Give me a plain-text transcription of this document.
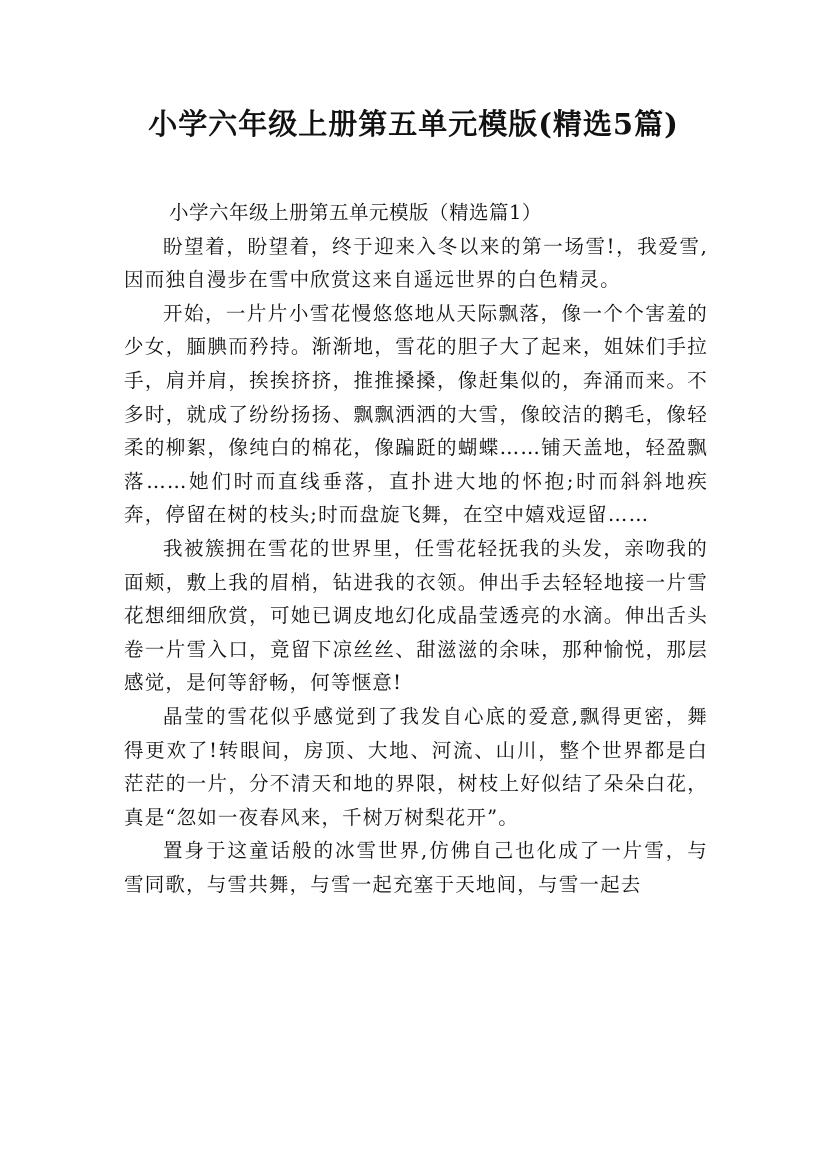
小学六年级上册第五单元模版(精选5篇)

小学六年级上册第五单元模版（精选篇1）

盼望着，盼望着，终于迎来入冬以来的第一场雪!，我爱雪,因而独自漫步在雪中欣赏这来自遥远世界的白色精灵。

开始，一片片小雪花慢悠悠地从天际飘落，像一个个害羞的少女，腼腆而矜持。渐渐地，雪花的胆子大了起来，姐妹们手拉手，肩并肩，挨挨挤挤，推推搡搡，像赶集似的，奔涌而来。不多时，就成了纷纷扬扬、飘飘洒洒的大雪，像皎洁的鹅毛，像轻柔的柳絮，像纯白的棉花，像蹁跹的蝴蝶……铺天盖地，轻盈飘落……她们时而直线垂落，直扑进大地的怀抱;时而斜斜地疾奔，停留在树的枝头;时而盘旋飞舞，在空中嬉戏逗留……

我被簇拥在雪花的世界里，任雪花轻抚我的头发，亲吻我的面颊，敷上我的眉梢，钻进我的衣领。伸出手去轻轻地接一片雪花想细细欣赏，可她已调皮地幻化成晶莹透亮的水滴。伸出舌头卷一片雪入口，竟留下凉丝丝、甜滋滋的余味，那种愉悦，那层感觉，是何等舒畅，何等惬意!

晶莹的雪花似乎感觉到了我发自心底的爱意,飘得更密，舞得更欢了!转眼间，房顶、大地、河流、山川，整个世界都是白茫茫的一片，分不清天和地的界限，树枝上好似结了朵朵白花，真是“忽如一夜春风来，千树万树梨花开”。

置身于这童话般的冰雪世界,仿佛自己也化成了一片雪，与雪同歌，与雪共舞，与雪一起充塞于天地间，与雪一起去
